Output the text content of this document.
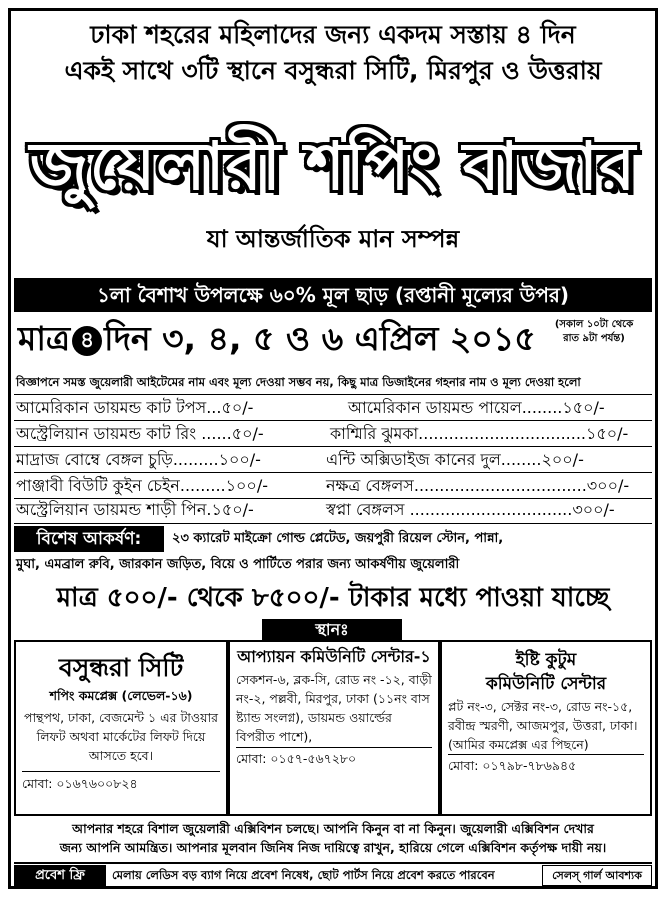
ঢাকা শহরের মহিলাদের জন্য একদম সস্তায় ৪ দিন
একই সাথে ৩টি স্থানে বসুন্ধরা সিটি, মিরপুর ও উত্তরায়
জুয়েলারী শপিং বাজার
যা আন্তর্জাতিক মান সম্পন্ন
১লা বৈশাখ উপলক্ষে ৬০% মূল ছাড় (রপ্তানী মূল্যের উপর)
মাত্র ৪ দিন ৩, ৪, ৫ ও ৬ এপ্রিল ২০১৫	(সকাল ১০টা থেকে
রাত ৯টা পর্যন্ত)
বিজ্ঞাপনে সমস্ত জুয়েলারী আইটেমের নাম এবং মূল্য দেওয়া সম্ভব নয়, কিছু মাত্র ডিজাইনের গহনার নাম ও মূল্য দেওয়া হলো
আমেরিকান ডায়মন্ড কাট টপস...৫০/-	আমেরিকান ডায়মন্ড পায়েল........১৫০/-
অস্ট্রেলিয়ান ডায়মন্ড কাট রিং ......৫০/-	কাশ্মিরি ঝুমকা.................................১৫০/-
মাদ্রাজ বোম্বে বেঙ্গল চুড়ি.........১০০/-	এন্টি অক্সিডাইজ কানের দুল........২০০/-
পাঞ্জাবী বিউটি কুইন চেইন.........১০০/-	নক্ষত্র বেঙ্গলস..................................৩০০/-
অস্ট্রেলিয়ান ডায়মন্ড শাড়ী পিন.১৫০/-	স্বপ্না বেঙ্গলস ................................৩০০/-
বিশেষ আকর্ষণ:	২৩ ক্যারেট মাইক্রো গোল্ড প্লেটেড, জয়পুরী রিয়েল স্টোন, পান্না,
মুঘা, এমব্রাল রুবি, জারকান জড়িত, বিয়ে ও পার্টিতে পরার জন্য আকর্ষণীয় জুয়েলারী
মাত্র ৫০০/- থেকে ৮৫০০/- টাকার মধ্যে পাওয়া যাচ্ছে
স্থানঃ
বসুন্ধরা সিটি
শপিং কমপ্লেক্স (লেভেল-১৬)
পান্থপথ, ঢাকা, বেজমেন্ট ১ এর টাওয়ার লিফট অথবা মার্কেটের লিফট দিয়ে আসতে হবে।
মোবা: ০১৬৭৬০০৮২৪
আপ্যায়ন কমিউনিটি সেন্টার-১
সেকশন-৬, ব্লক-সি, রোড নং -১২, বাড়ী নং-২, পল্লবী, মিরপুর, ঢাকা (১১নং বাস ষ্ট্যান্ড সংলগ্ন), ডায়মন্ড ওয়ার্ল্ডের বিপরীত পাশে),
মোবা: ০১৫৭-৫৬৭২৮০
ইষ্টি কুটুম
কমিউনিটি সেন্টার
প্লট নং-৩, সেক্টর নং-৩, রোড নং-১৫, রবীন্দ্র স্মরণী, আজমপুর, উত্তরা, ঢাকা। (আমির কমপ্লেক্স এর পিছনে)
মোবা: ০১৭৯৮-৭৮৬৯৪৫
আপনার শহরে বিশাল জুয়েলারী এক্সিবিশন চলছে। আপনি কিনুন বা না কিনুন। জুয়েলারী এক্সিবিশন দেখার
জন্য আপনি আমন্ত্রিত। আপনার মূলবান জিনিষ নিজ দায়িত্বে রাখুন, হারিয়ে গেলে এক্সিবিশন কর্তৃপক্ষ দায়ী নয়।
প্রবেশ ফ্রি	মেলায় লেডিস বড় ব্যাগ নিয়ে প্রবেশ নিষেধ, ছোট পার্টস নিয়ে প্রবেশ করতে পারবেন	সেলস্ গার্ল আবশ্যক
